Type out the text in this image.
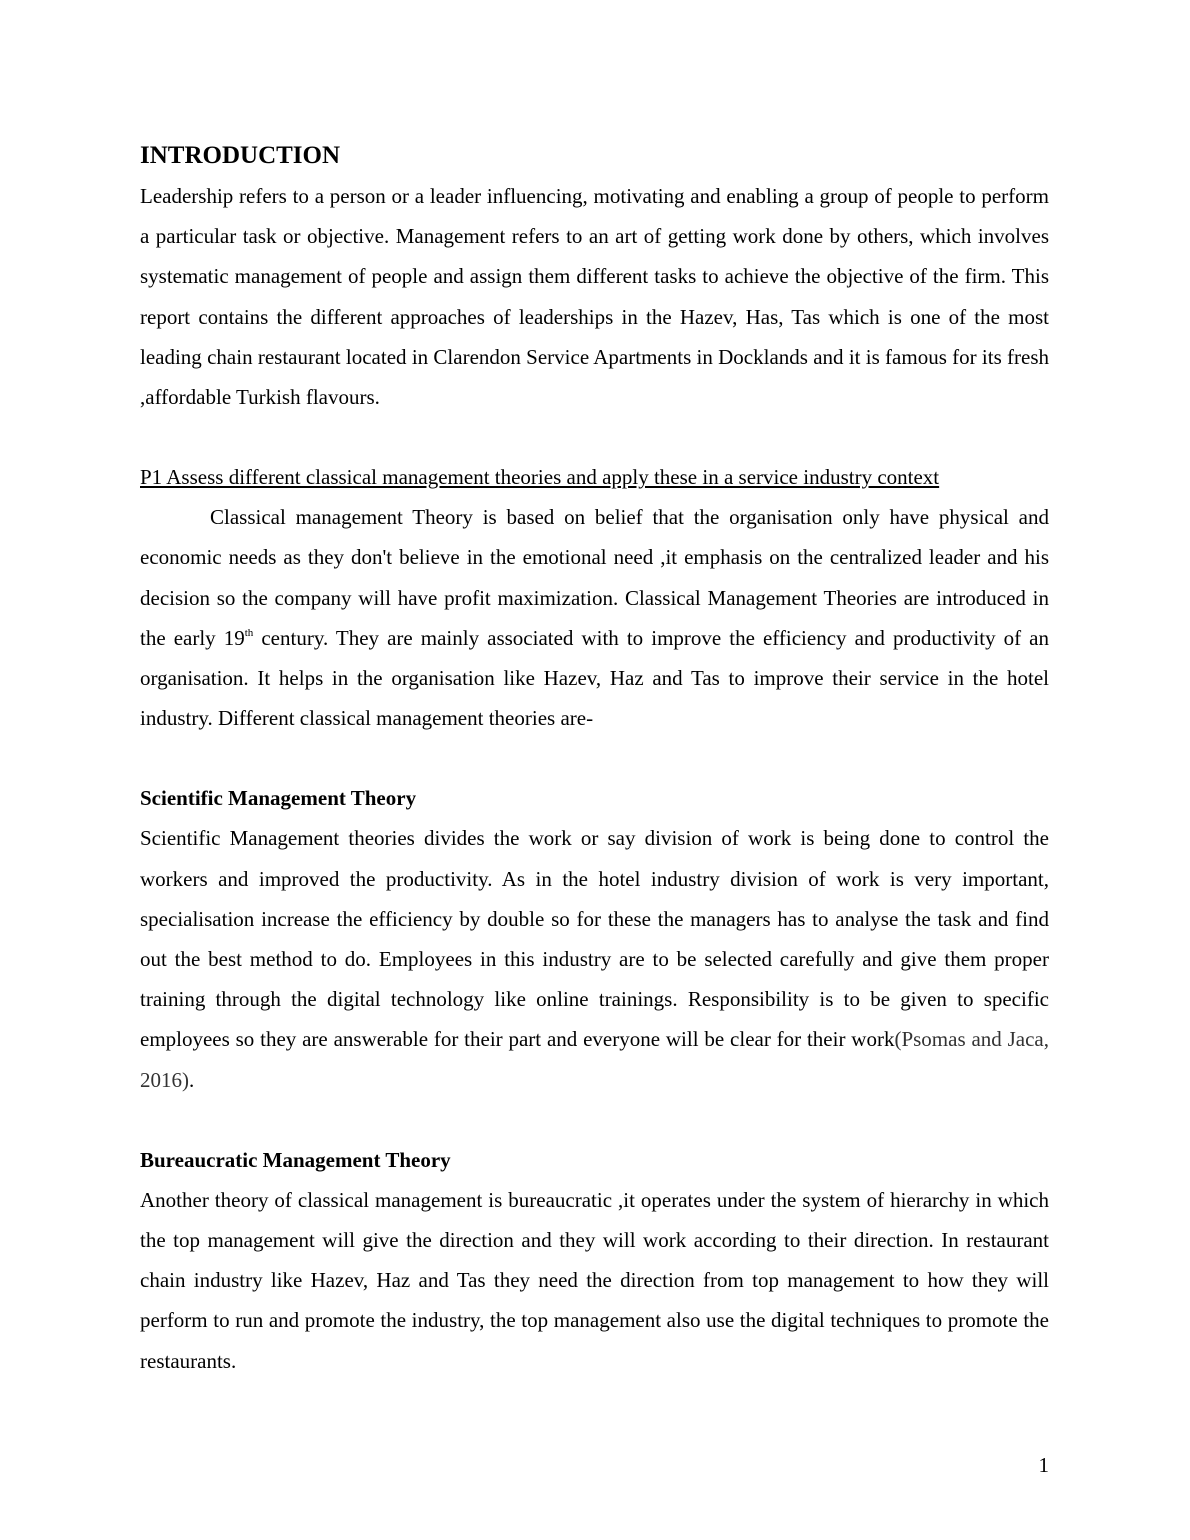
INTRODUCTION

Leadership refers to a person or a leader influencing, motivating and enabling a group of people to perform a particular task or objective. Management refers to an art of getting work done by others, which involves systematic management of people and assign them different tasks to achieve the objective of the firm. This report contains the different approaches of leaderships in the Hazev, Has, Tas which is one of the most leading chain restaurant located in Clarendon Service Apartments in Docklands and it is famous for its fresh ,affordable Turkish flavours.

P1 Assess different classical management theories and apply these in a service industry context

Classical management Theory is based on belief that the organisation only have physical and economic needs as they don't believe in the emotional need ,it emphasis on the centralized leader and his decision so the company will have profit maximization. Classical Management Theories are introduced in the early 19th century. They are mainly associated with to improve the efficiency and productivity of an organisation. It helps in the organisation like Hazev, Haz and Tas to improve their service in the hotel industry. Different classical management theories are-

Scientific Management Theory

Scientific Management theories divides the work or say division of work is being done to control the workers and improved the productivity. As in the hotel industry division of work is very important, specialisation increase the efficiency by double so for these the managers has to analyse the task and find out the best method to do. Employees in this industry are to be selected carefully and give them proper training through the digital technology like online trainings. Responsibility is to be given to specific employees so they are answerable for their part and everyone will be clear for their work(Psomas and Jaca, 2016).

Bureaucratic Management Theory

Another theory of classical management is bureaucratic ,it operates under the system of hierarchy in which the top management will give the direction and they will work according to their direction. In restaurant chain industry like Hazev, Haz and Tas they need the direction from top management to how they will perform to run and promote the industry, the top management also use the digital techniques to promote the restaurants.

1
